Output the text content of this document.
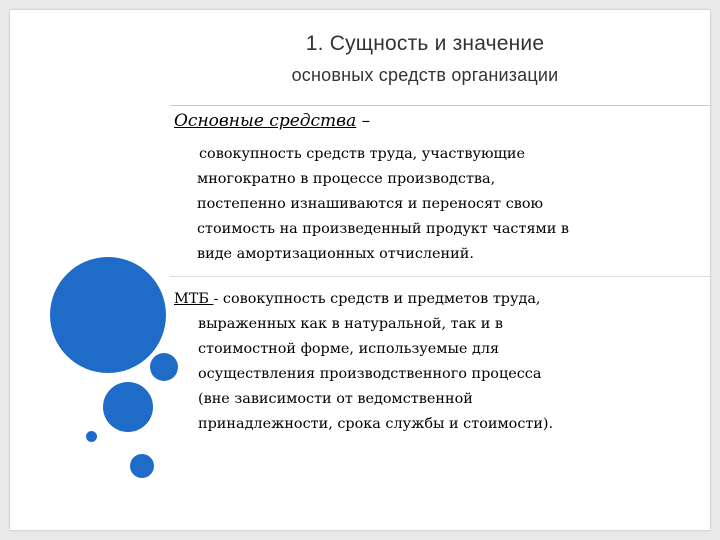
1. Сущность и значение
основных средств организации
Основные средства –

совокупность средств труда, участвующие
многократно в процессе производства,
постепенно изнашиваются и переносят свою
стоимость на произведенный продукт частями в
виде амортизационных отчислений.

МТБ - совокупность средств и предметов труда,
выраженных как в натуральной, так и в
стоимостной форме, используемые для
осуществления производственного процесса
(вне зависимости от ведомственной
принадлежности, срока службы и стоимости).
